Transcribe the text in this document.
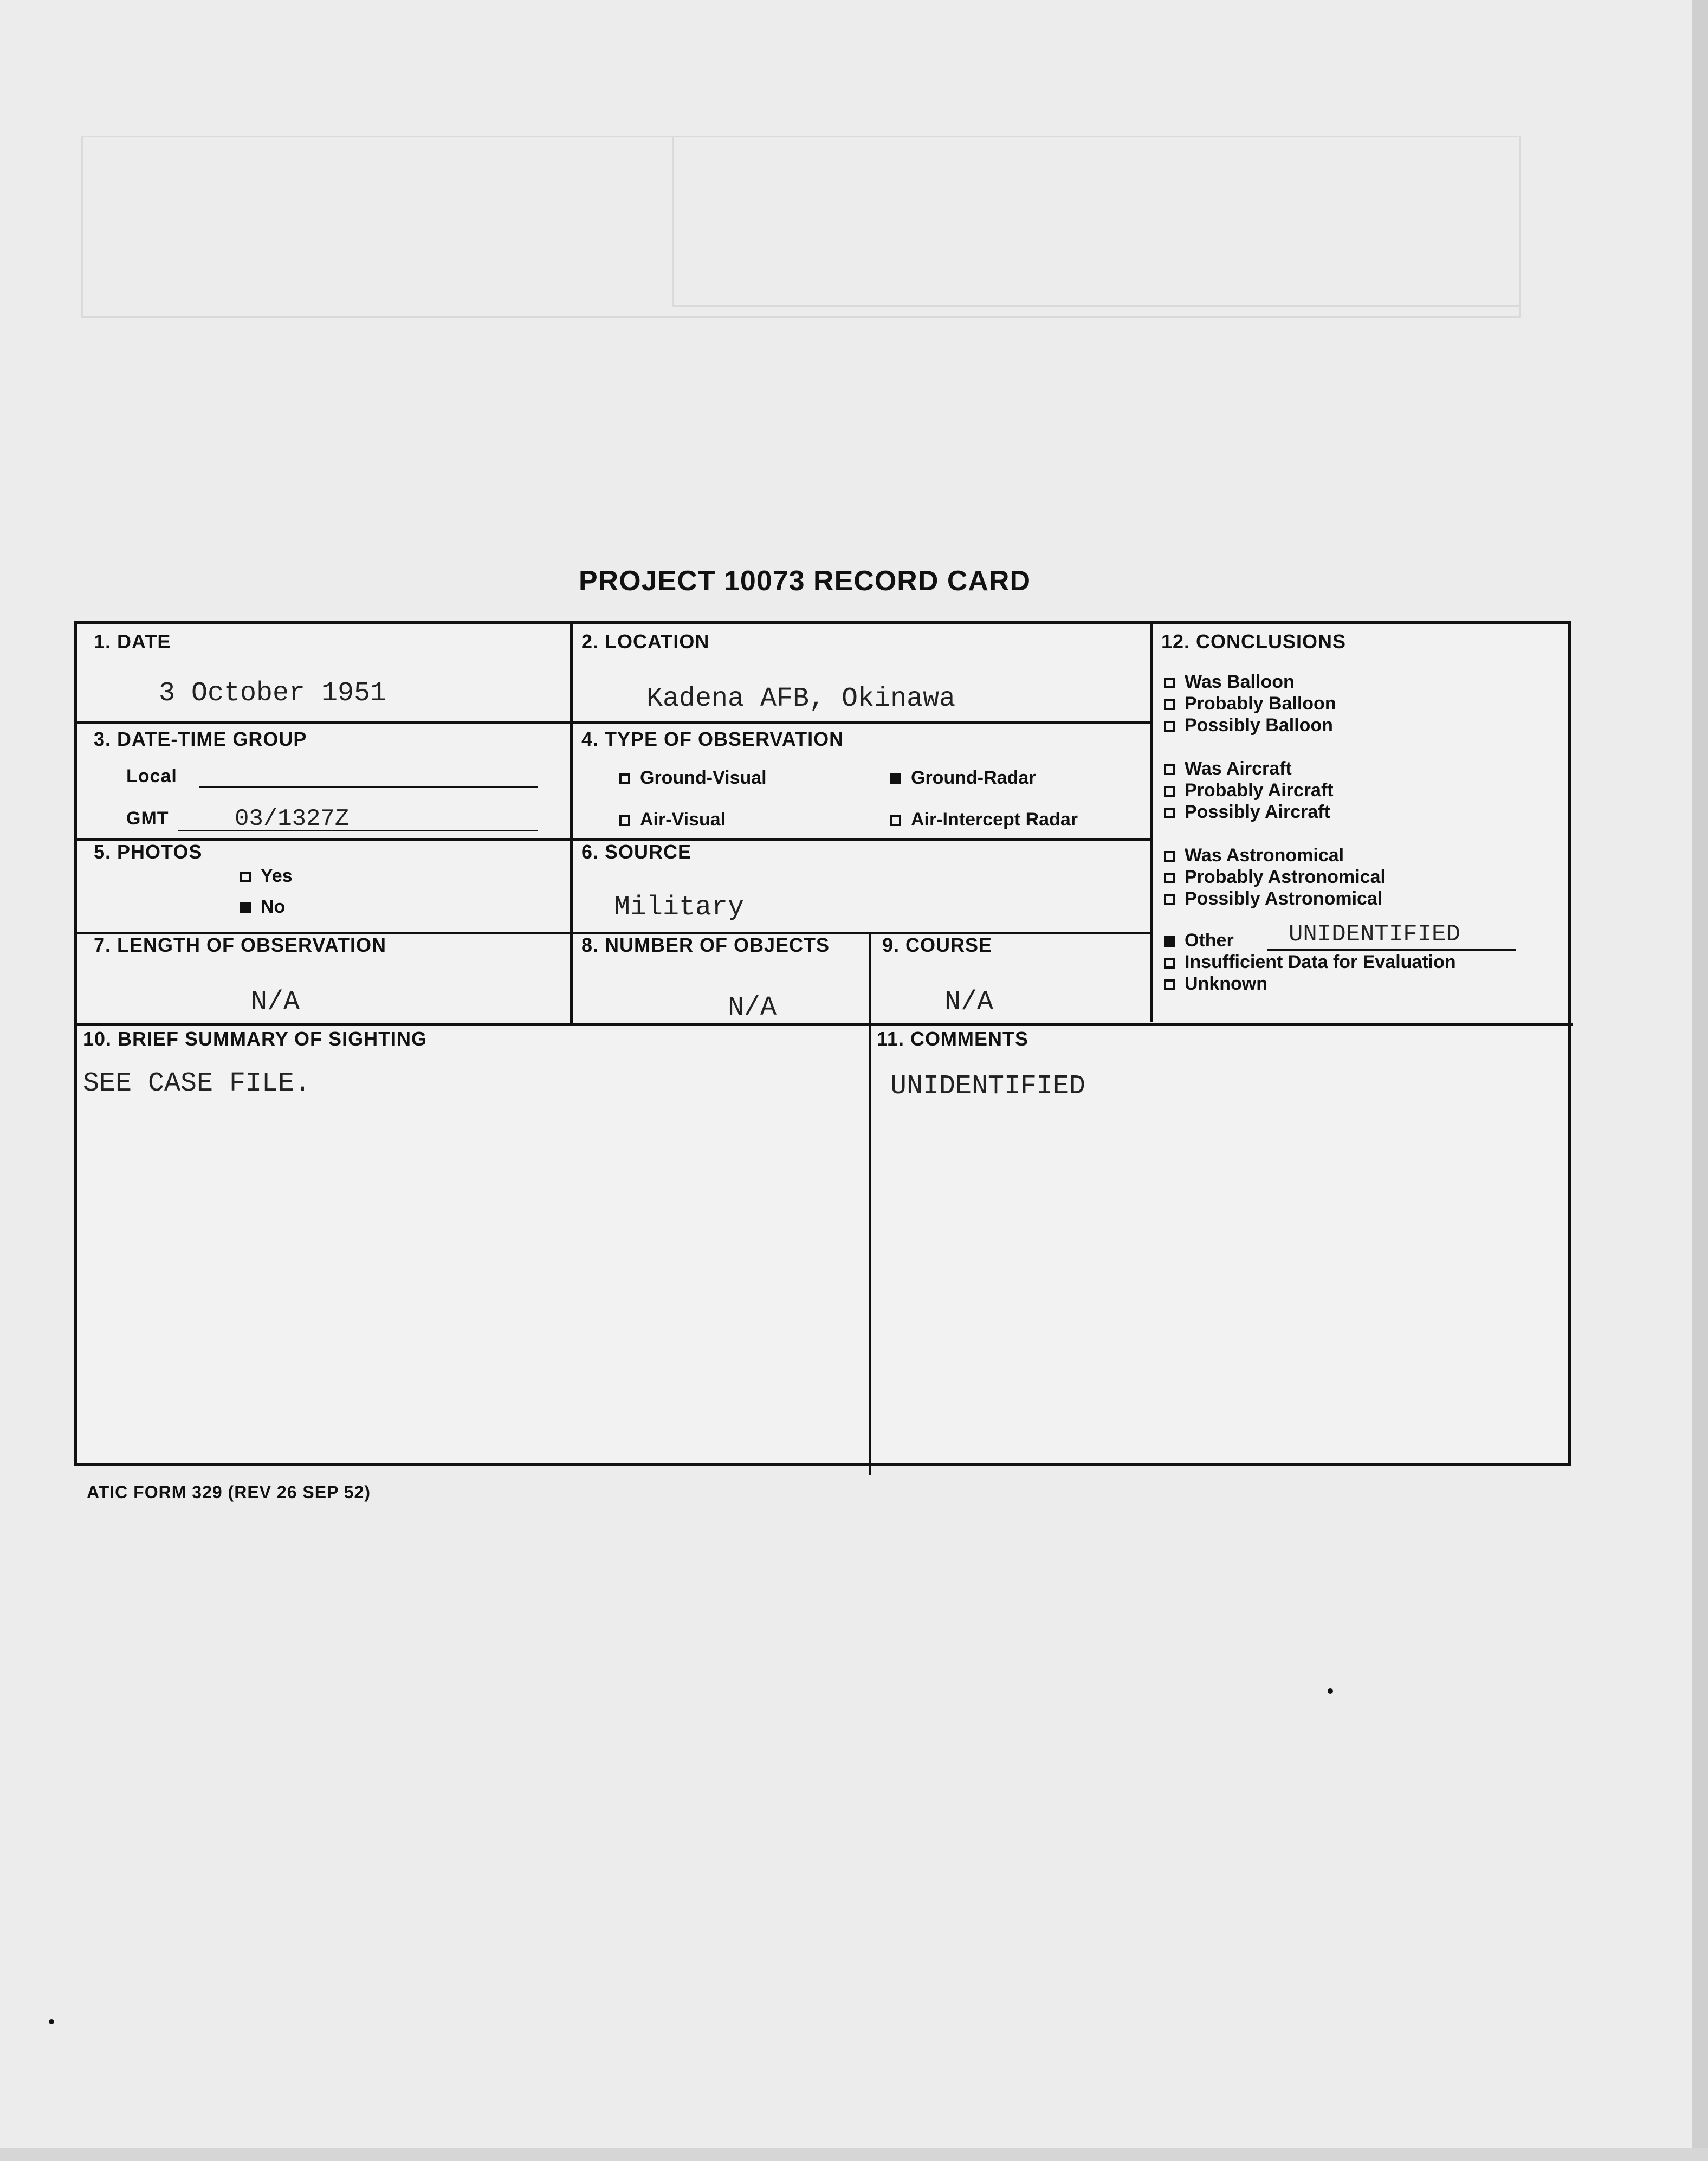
PROJECT 10073 RECORD CARD
1. DATE
3 October 1951
2. LOCATION
Kadena AFB, Okinawa
3. DATE-TIME GROUP
Local
GMT	03/1327Z
4. TYPE OF OBSERVATION
Ground-Visual	Ground-Radar
Air-Visual	Air-Intercept Radar
5. PHOTOS
Yes
No
6. SOURCE
Military
7. LENGTH OF OBSERVATION
N/A
8. NUMBER OF OBJECTS
N/A
9. COURSE
N/A
10. BRIEF SUMMARY OF SIGHTING
SEE CASE FILE.
11. COMMENTS
UNIDENTIFIED
12. CONCLUSIONS
Was Balloon
Probably Balloon
Possibly Balloon
Was Aircraft
Probably Aircraft
Possibly Aircraft
Was Astronomical
Probably Astronomical
Possibly Astronomical
Other UNIDENTIFIED
Insufficient Data for Evaluation
Unknown
ATIC FORM 329 (REV 26 SEP 52)
